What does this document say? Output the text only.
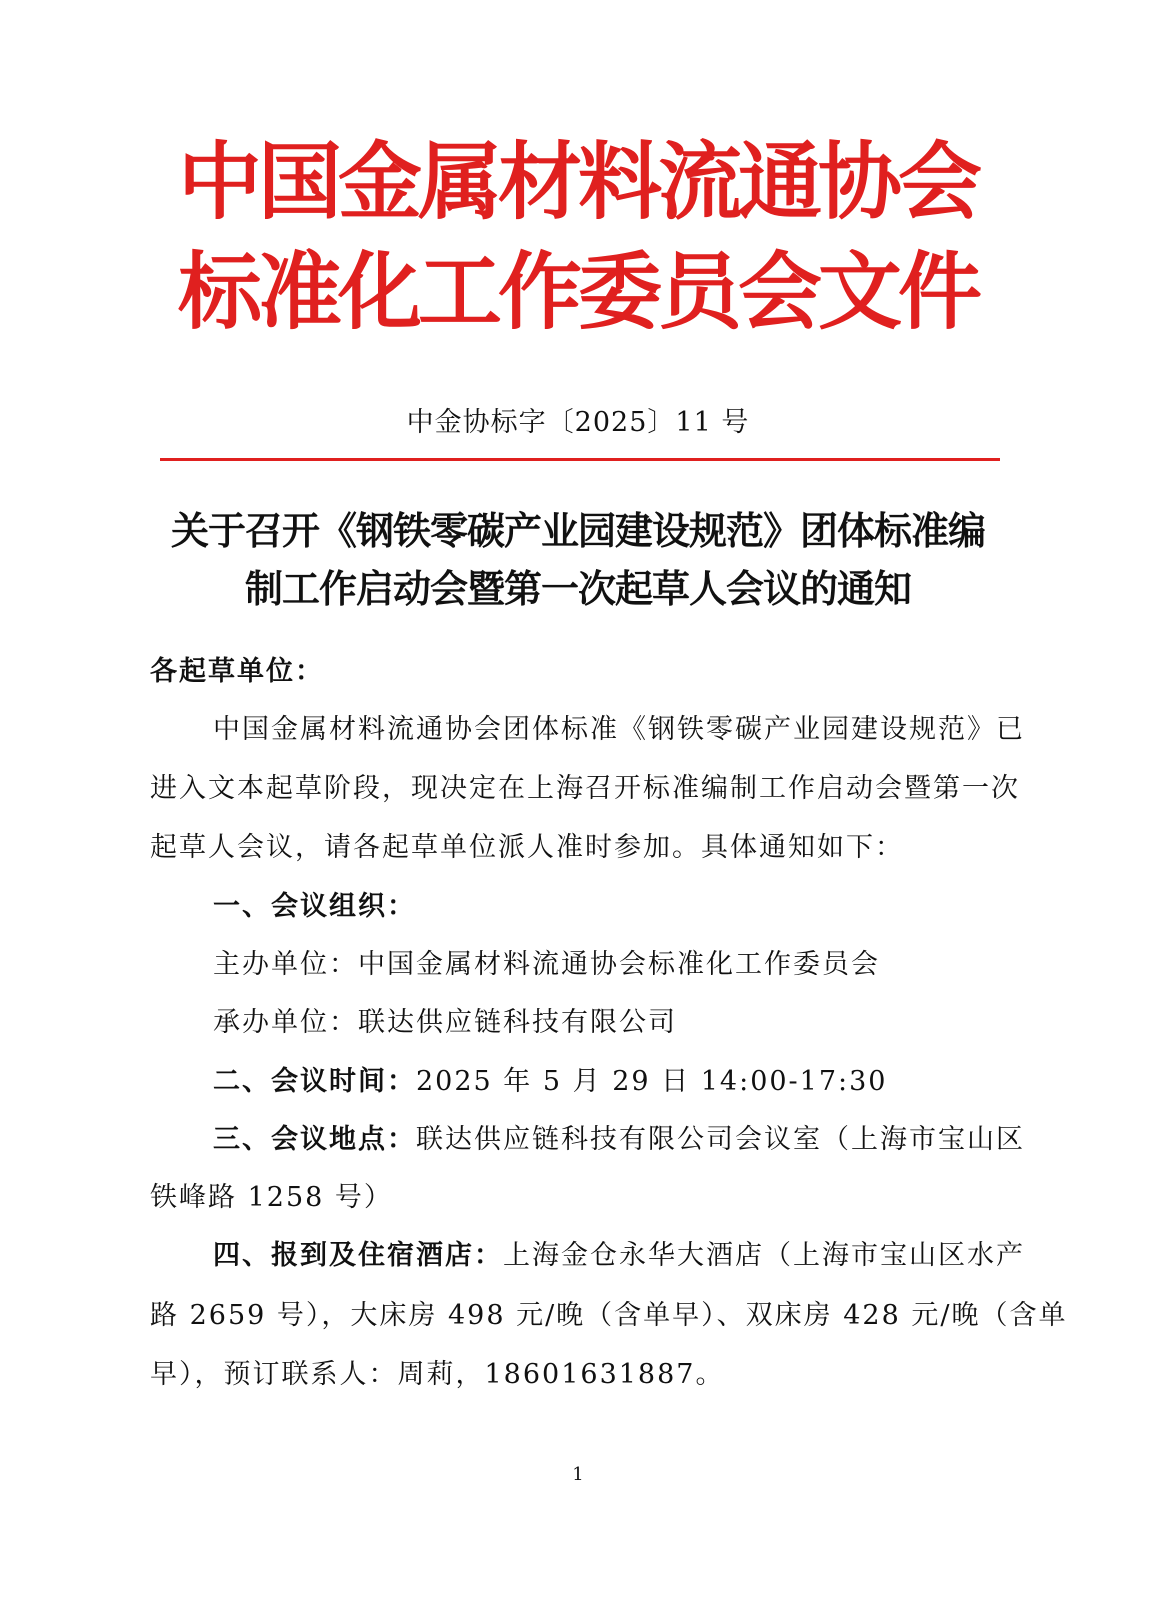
中国金属材料流通协会
标准化工作委员会文件
中金协标字〔2025〕11 号
关于召开《钢铁零碳产业园建设规范》团体标准编
制工作启动会暨第一次起草人会议的通知
各起草单位：
中国金属材料流通协会团体标准《钢铁零碳产业园建设规范》已
进入文本起草阶段，现决定在上海召开标准编制工作启动会暨第一次
起草人会议，请各起草单位派人准时参加。具体通知如下：
一、会议组织：
主办单位：中国金属材料流通协会标准化工作委员会
承办单位：联达供应链科技有限公司
二、会议时间：2025 年 5 月 29 日 14:00-17:30
三、会议地点：联达供应链科技有限公司会议室（上海市宝山区
铁峰路 1258 号）
四、报到及住宿酒店：上海金仓永华大酒店（上海市宝山区水产
路 2659 号），大床房 498 元/晚（含单早）、双床房 428 元/晚（含单
早），预订联系人：周莉，18601631887。
1
